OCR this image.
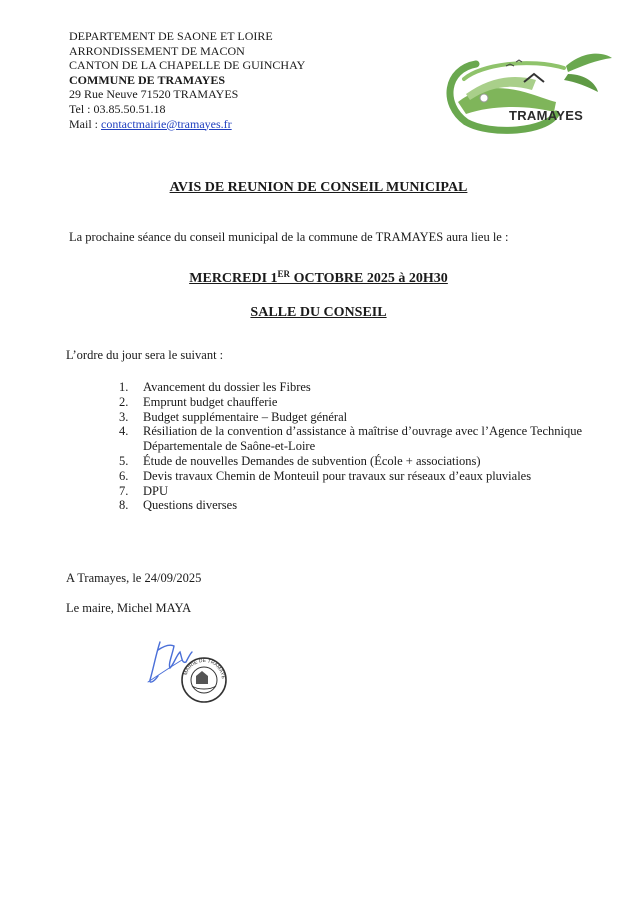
DEPARTEMENT DE SAONE ET LOIRE
ARRONDISSEMENT DE MACON
CANTON DE LA CHAPELLE DE GUINCHAY
COMMUNE DE TRAMAYES
29 Rue Neuve 71520 TRAMAYES
Tel : 03.85.50.51.18
Mail : contactmairie@tramayes.fr
TRAMAYES
AVIS DE REUNION DE CONSEIL MUNICIPAL
La prochaine séance du conseil municipal de la commune de TRAMAYES aura lieu le :
MERCREDI 1ER OCTOBRE 2025 à 20H30
SALLE DU CONSEIL
L’ordre du jour sera le suivant :
1.	Avancement du dossier les Fibres
2.	Emprunt budget chaufferie
3.	Budget supplémentaire – Budget général
4.	Résiliation de la convention d’assistance à maîtrise d’ouvrage avec l’Agence Technique Départementale de Saône-et-Loire
5.	Étude de nouvelles Demandes de subvention (École + associations)
6.	Devis travaux Chemin de Monteuil pour travaux sur réseaux d’eaux pluviales
7.	DPU
8.	Questions diverses
A Tramayes, le 24/09/2025
Le maire, Michel MAYA
MAIRIE DE TRAMAYE
